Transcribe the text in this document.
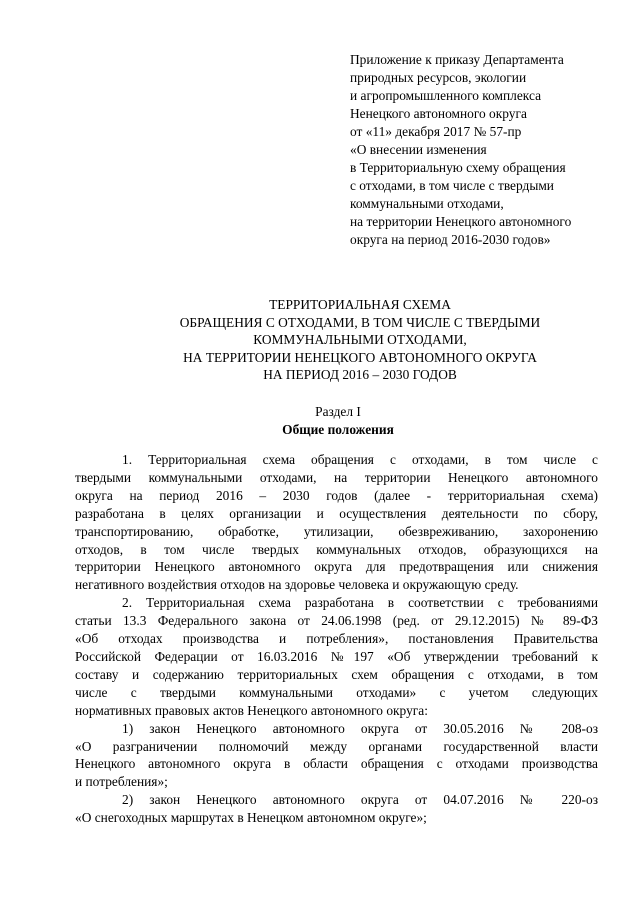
Приложение к приказу Департамента
природных ресурсов, экологии
и агропромышленного комплекса
Ненецкого автономного округа
от «11» декабря 2017 № 57-пр
«О внесении изменения
в Территориальную схему обращения
с отходами, в том числе с твердыми
коммунальными отходами,
на территории Ненецкого автономного
округа на период 2016-2030 годов»
ТЕРРИТОРИАЛЬНАЯ СХЕМА
ОБРАЩЕНИЯ С ОТХОДАМИ, В ТОМ ЧИСЛЕ С ТВЕРДЫМИ
КОММУНАЛЬНЫМИ ОТХОДАМИ,
НА ТЕРРИТОРИИ НЕНЕЦКОГО АВТОНОМНОГО ОКРУГА
НА ПЕРИОД 2016 – 2030 ГОДОВ
Раздел I
Общие положения

1. Территориальная схема обращения с отходами, в том числе с
твердыми коммунальными отходами, на территории Ненецкого автономного
округа на период 2016 – 2030 годов (далее - территориальная схема)
разработана в целях организации и осуществления деятельности по сбору,
транспортированию, обработке, утилизации, обезвреживанию, захоронению
отходов, в том числе твердых коммунальных отходов, образующихся на
территории Ненецкого автономного округа для предотвращения или снижения
негативного воздействия отходов на здоровье человека и окружающую среду.

2. Территориальная схема разработана в соответствии с требованиями
статьи 13.3 Федерального закона от 24.06.1998 (ред. от 29.12.2015) № 89-ФЗ
«Об отходах производства и потребления», постановления Правительства
Российской Федерации от 16.03.2016 №197 «Об утверждении требований к
составу и содержанию территориальных схем обращения с отходами, в том
числе с твердыми коммунальными отходами» с учетом следующих
нормативных правовых актов Ненецкого автономного округа:

1) закон Ненецкого автономного округа от 30.05.2016 № 208-оз
«О разграничении полномочий между органами государственной власти
Ненецкого автономного округа в области обращения с отходами производства
и потребления»;

2) закон Ненецкого автономного округа от 04.07.2016 № 220-оз
«О снегоходных маршрутах в Ненецком автономном округе»;
